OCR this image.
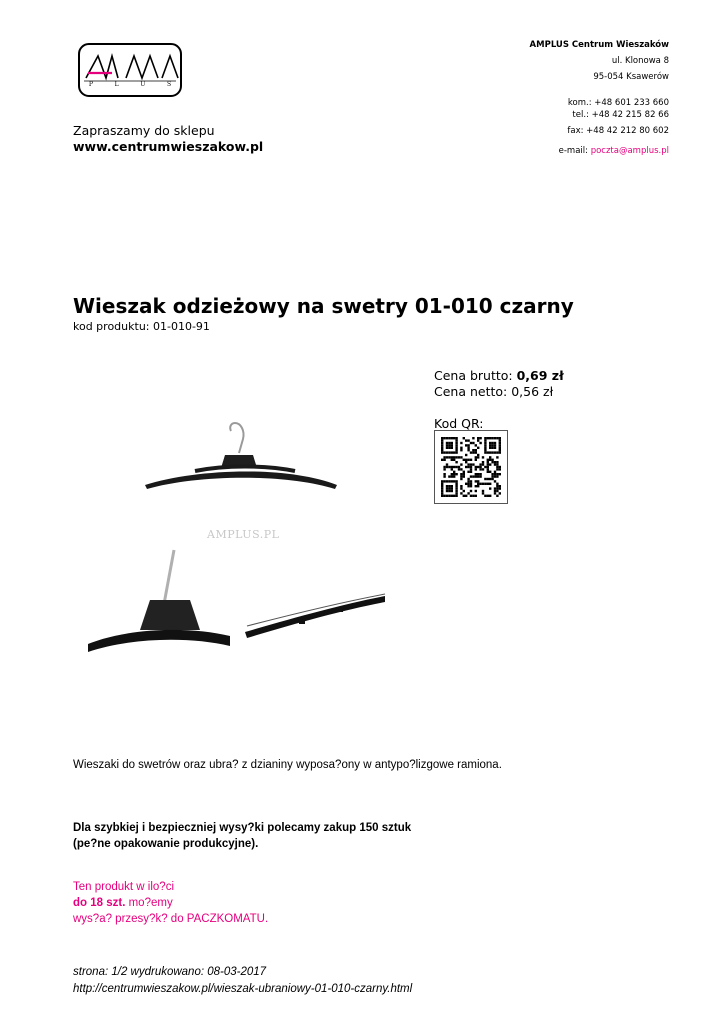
P	L	U	S
AMPLUS Centrum Wieszaków
ul. Klonowa 8
95-054 Ksawerów
kom.: +48 601 233 660
tel.: +48 42 215 82 66
fax: +48 42 212 80 602
e-mail: poczta@amplus.pl
Zapraszamy do sklepu
www.centrumwieszakow.pl
Wieszak odzieżowy na swetry 01-010 czarny
kod produktu: 01-010-91
AMPLUS.PL
Cena brutto: 0,69 zł
Cena netto: 0,56 zł
Kod QR:
Wieszaki do swetrów oraz ubra? z dzianiny wyposa?ony w antypo?lizgowe ramiona.
Dla szybkiej i bezpieczniej wysy?ki polecamy zakup 150 sztuk
(pe?ne opakowanie produkcyjne).
Ten produkt w ilo?ci
do 18 szt. mo?emy
wys?a? przesy?k? do PACZKOMATU.
strona: 1/2 wydrukowano: 08-03-2017
http://centrumwieszakow.pl/wieszak-ubraniowy-01-010-czarny.html
